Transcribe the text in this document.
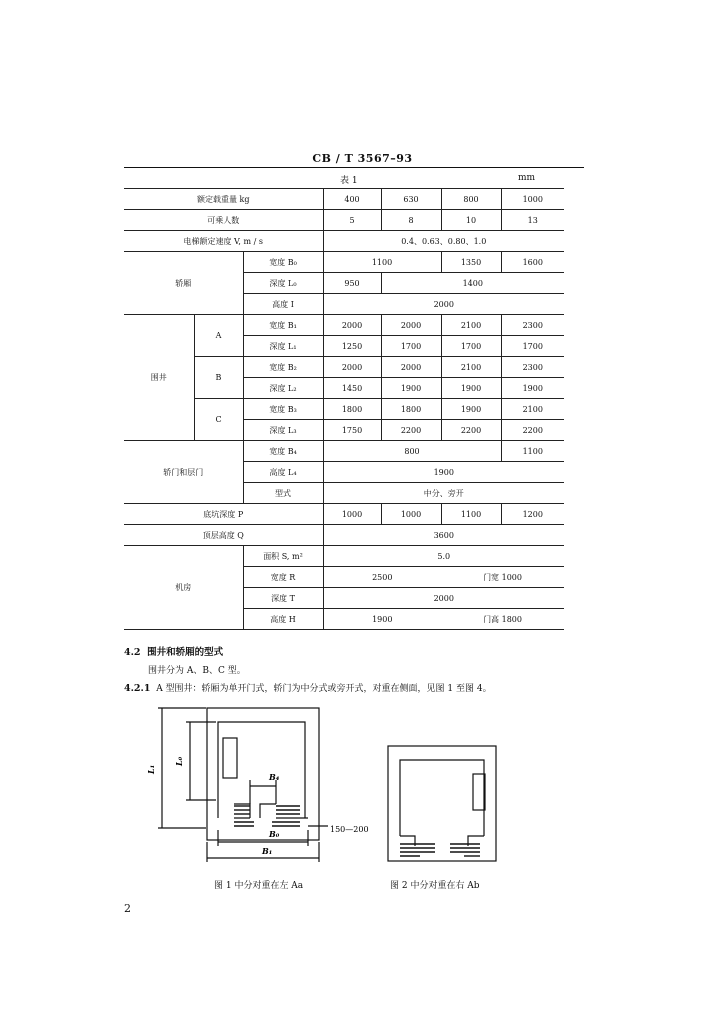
CB / T 3567–93
表 1	mm
额定载重量 kg			400	630	800	1000
可乘人数			5	8	10	13
电梯额定速度 V, m / s			0.4、0.63、0.80、1.0			
轿厢		宽度 B₀	1100		1350	1600
		深度 L₀	950	1400		
		高度 I	2000			
围井	A	宽度 B₁	2000	2000	2100	2300
		深度 L₁	1250	1700	1700	1700
	B	宽度 B₂	2000	2000	2100	2300
		深度 L₂	1450	1900	1900	1900
	C	宽度 B₃	1800	1800	1900	2100
		深度 L₃	1750	2200	2200	2200
轿门和层门		宽度 B₄	800			1100
		高度 L₄	1900			
		型式	中分、旁开			
底坑深度 P			1000	1000	1100	1200
顶层高度 Q			3600			
机房		面积 S, m²	5.0			
		宽度 R	2500		门宽 1000	
		深度 T	2000			
		高度 H	1900		门高 1800	
4.2 围井和轿厢的型式
围井分为 A、B、C 型。
4.2.1 A 型围井：轿厢为单开门式，轿门为中分式或旁开式，对重在侧面，见图 1 至图 4。
L₁
L₀
B₄
B₀
B₁
150—200
图 1 中分对重在左 Aa	图 2 中分对重在右 Ab
2
